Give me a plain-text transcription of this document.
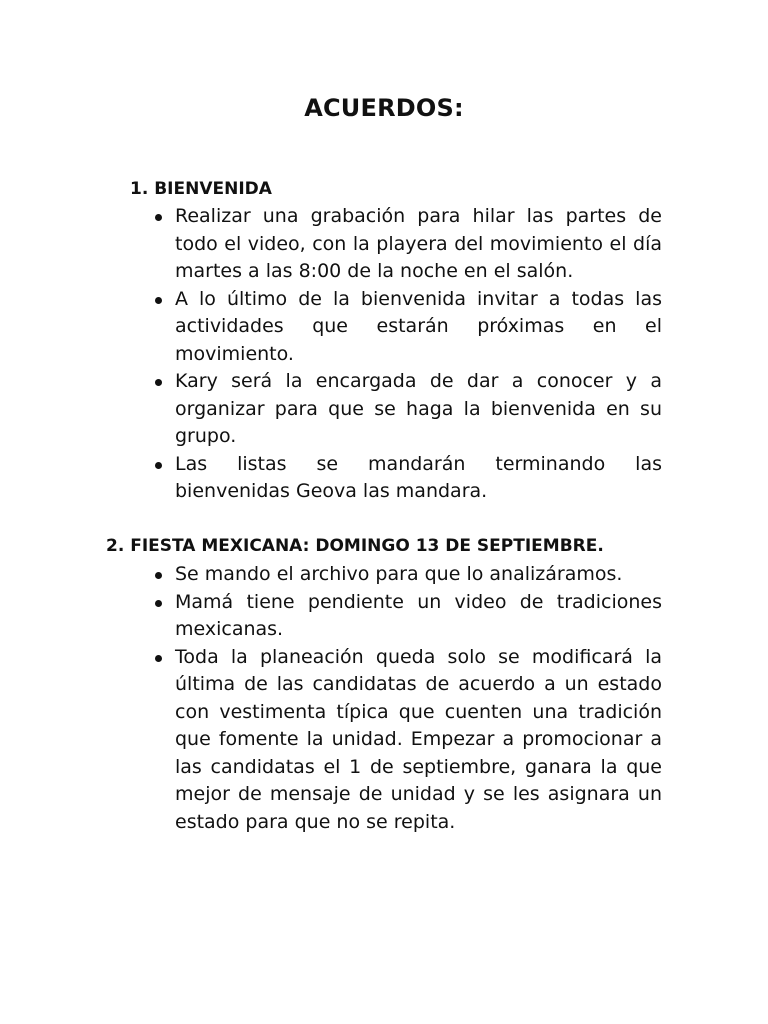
ACUERDOS:
1. BIENVENIDA
Realizar una grabación para hilar las partes de todo el video, con la playera del movimiento el día martes a las 8:00 de la noche en el salón.
A lo último de la bienvenida invitar a todas las actividades que estarán próximas en el movimiento.
Kary será la encargada de dar a conocer y a organizar para que se haga la bienvenida en su grupo.
Las listas se mandarán terminando las bienvenidas Geova las mandara.
2. FIESTA MEXICANA: DOMINGO 13 DE SEPTIEMBRE.
Se mando el archivo para que lo analizáramos.
Mamá tiene pendiente un video de tradiciones mexicanas.
Toda la planeación queda solo se modificará la última de las candidatas de acuerdo a un estado con vestimenta típica que cuenten una tradición que fomente la unidad. Empezar a promocionar a las candidatas el 1 de septiembre, ganara la que mejor de mensaje de unidad y se les asignara un estado para que no se repita.
